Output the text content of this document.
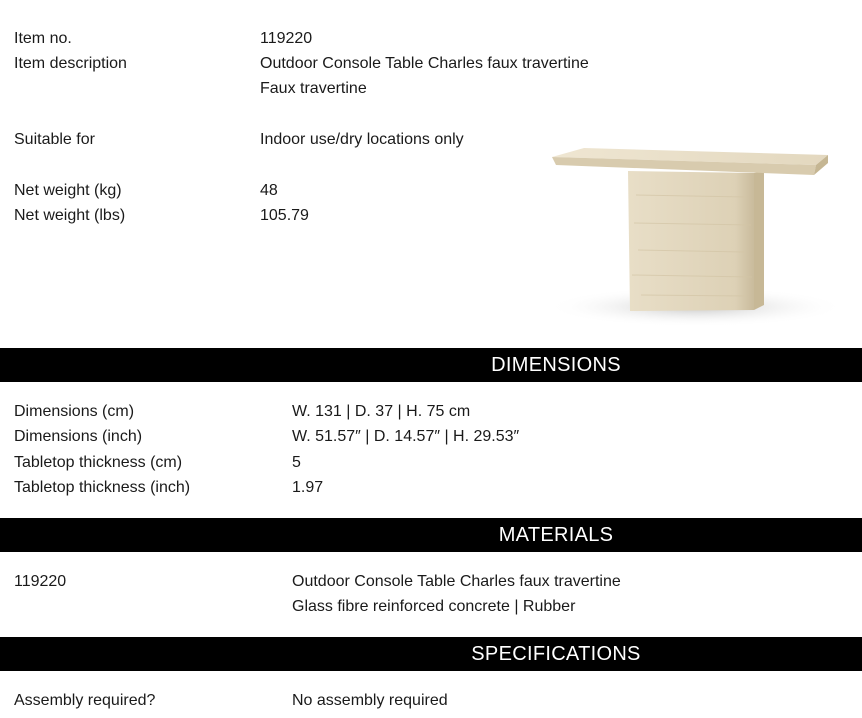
Item no.	119220
Item description	Outdoor Console Table Charles faux travertine
Faux travertine
Suitable for	Indoor use/dry locations only
Net weight (kg)	48
Net weight (lbs)	105.79
DIMENSIONS
Dimensions (cm)	W. 131 | D. 37 | H. 75 cm
Dimensions (inch)	W. 51.57″ | D. 14.57″ | H. 29.53″
Tabletop thickness (cm)	5
Tabletop thickness (inch)	1.97
MATERIALS
119220	Outdoor Console Table Charles faux travertine
Glass fibre reinforced concrete | Rubber
SPECIFICATIONS
Assembly required?	No assembly required
